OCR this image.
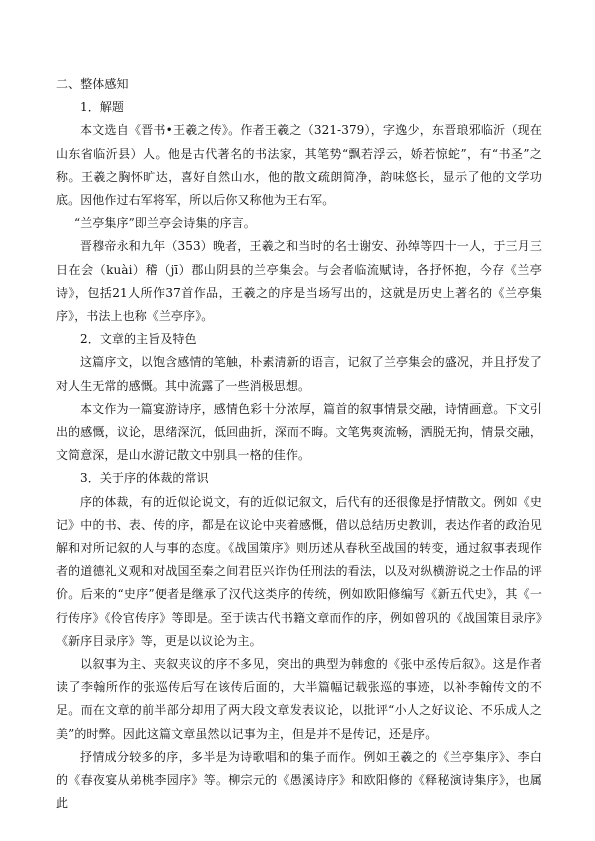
二、整体感知

1．解题

本文选自《晋书•王羲之传》。作者王羲之（321-379），字逸少，东晋琅邪临沂（现在山东省临沂县）人。他是古代著名的书法家，其笔势“飘若浮云，娇若惊蛇”，有“书圣”之称。王羲之胸怀旷达，喜好自然山水，他的散文疏朗简净，韵味悠长，显示了他的文学功底。因他作过右军将军，所以后你又称他为王右军。

“兰亭集序”即兰亭会诗集的序言。

晋穆帝永和九年（353）晚者，王羲之和当时的名士谢安、孙绰等四十一人，于三月三日在会（kuài）稽（jī）郡山阴县的兰亭集会。与会者临流赋诗，各抒怀抱，今存《兰亭诗》，包括21人所作37首作品，王羲之的序是当场写出的，这就是历史上著名的《兰亭集序》，书法上也称《兰亭序》。

2．文章的主旨及特色

这篇序文，以饱含感情的笔触，朴素清新的语言，记叙了兰亭集会的盛况，并且抒发了对人生无常的感慨。其中流露了一些消极思想。

本文作为一篇宴游诗序，感情色彩十分浓厚，篇首的叙事情景交融，诗情画意。下文引出的感慨，议论，思绪深沉，低回曲折，深而不晦。文笔隽爽流畅，洒脱无拘，情景交融，文简意深，是山水游记散文中别具一格的佳作。

3．关于序的体裁的常识

序的体裁，有的近似论说文，有的近似记叙文，后代有的还很像是抒情散文。例如《史记》中的书、表、传的序，都是在议论中夹着感慨，借以总结历史教训，表达作者的政治见解和对所记叙的人与事的态度。《战国策序》则历述从春秋至战国的转变，通过叙事表现作者的道德礼义观和对战国至秦之间君臣兴诈伪任刑法的看法，以及对纵横游说之士作品的评价。后来的“史序”便者是继承了汉代这类序的传统，例如欧阳修编写《新五代史》，其《一行传序》《伶官传序》等即是。至于读古代书籍文章而作的序，例如曾巩的《战国策目录序》《新序目录序》等，更是以议论为主。

以叙事为主、夹叙夹议的序不多见，突出的典型为韩愈的《张中丞传后叙》。这是作者读了李翰所作的张巡传后写在该传后面的，大半篇幅记载张巡的事迹，以补李翰传文的不足。而在文章的前半部分却用了两大段文章发表议论，以批评“小人之好议论、不乐成人之美”的时弊。因此这篇文章虽然以记事为主，但是并不是传记，还是序。

抒情成分较多的序，多半是为诗歌唱和的集子而作。例如王羲之的《兰亭集序》、李白的《春夜宴从弟桃李园序》等。柳宗元的《愚溪诗序》和欧阳修的《释秘演诗集序》，也属此
